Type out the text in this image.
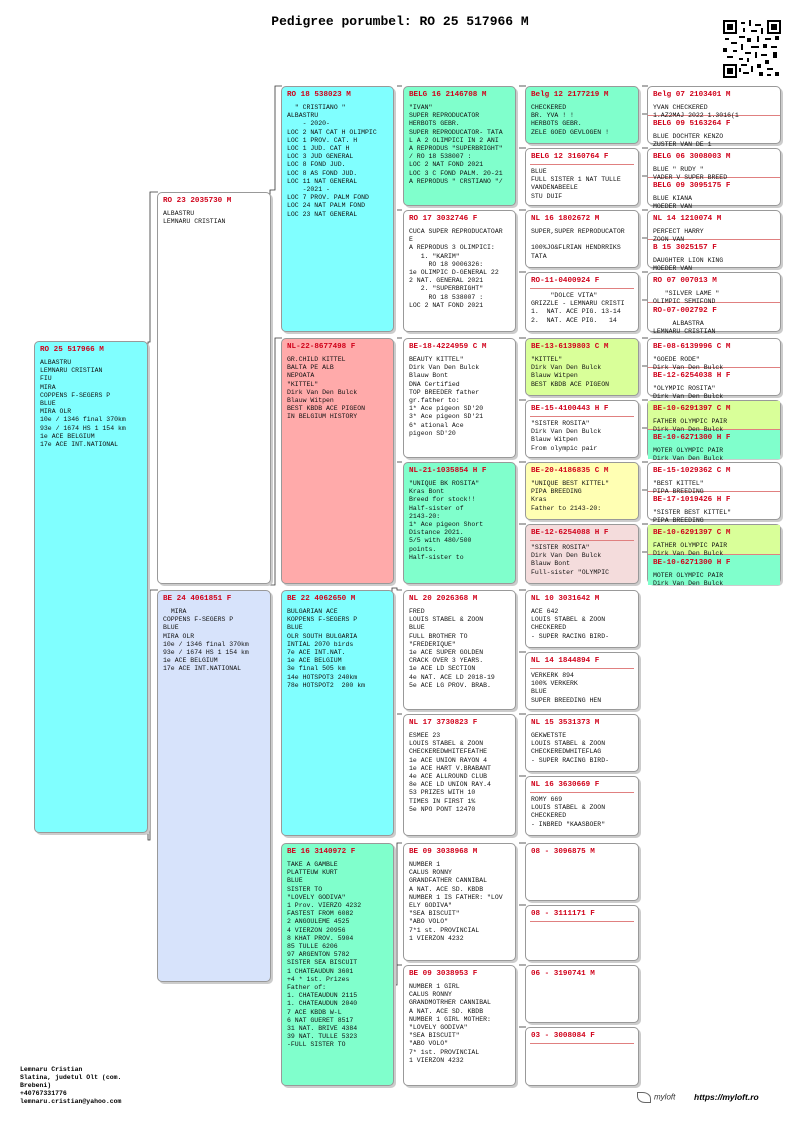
Pedigree porumbel: RO 25 517966 M
RO 25 517966 M
ALBASTRU
LEMNARU CRISTIAN
FIU
MIRA
COPPENS F-SEGERS P
BLUE
MIRA OLR
10e / 1346 final 370km
93e / 1674 HS 1 154 km
1e ACE BELGIUM
17e ACE INT.NATIONAL
RO 23 2035730 M
ALBASTRU
LEMNARU CRISTIAN
BE 24 4061851 F
MIRA
COPPENS F-SEGERS P
BLUE
MIRA OLR
10e / 1346 final 370km
93e / 1674 HS 1 154 km
1e ACE BELGIUM
17e ACE INT.NATIONAL
RO 18 538023 M
" CRISTIANO "
ALBASTRU
- 2020-
LOC 2 NAT CAT H OLIMPIC
LOC 1 PROV. CAT. H
LOC 1 JUD. CAT H
LOC 3 JUD GENERAL
LOC 8 FOND JUD.
LOC 8 AS FOND JUD.
LOC 11 NAT GENERAL
-2021 -
LOC 7 PROV. PALM FOND
LOC 24 NAT PALM FOND
LOC 23 NAT GENERAL
NL-22-8677498 F
GR.CHILD KITTEL
BALTA PE ALB
NEPOATA
"KITTEL"
Dirk Van Den Bulck
Blauw Witpen
BEST KBDB ACE PIGEON
IN BELGIUM HISTORY
BE 22 4062650 M
BULGARIAN ACE
KOPPENS F-SEGERS P
BLUE
OLR SOUTH BULGARIA
INTIAL 2070 birds
7e ACE INT.NAT.
1e ACE BELGIUM
3e final 505 km
14e HOTSPOT3 240km
78e HOTSPOT2  200 km
BE 16 3140972 F
TAKE A GAMBLE
PLATTEUW KURT
BLUE
SISTER TO
"LOVELY GODIVA"
1 Prov. VIERZO 4232
FASTEST FROM 6082
2 ANGOULEME 4525
4 VIERZON 20956
8 KHAT PROV. 5904
85 TULLE 6206
97 ARGENTON 5782
SISTER SEA BISCUIT
1 CHATEAUDUN 3601
+4 * 1st. Prizes
Father of:
1. CHATEAUDUN 2115
1. CHATEAUDUN 2040
7 ACE KBDB W-L
6 NAT GUERET 8517
31 NAT. BRIVE 4384
39 NAT. TULLE 5323
-FULL SISTER TO
BELG 16 2146708 M
"IVAN"
SUPER REPRODUCATOR
HERBOTS GEBR.
SUPER REPRODUCATOR- TATA
L A 2 OLIMPICI IN 2 ANI
A REPRODUS "SUPERBRIGHT"
/ RO 18 538007 :
LOC 2 NAT FOND 2021
LOC 3 C FOND PALM. 20-21
A REPRODUS " CRSTIANO "/
RO 17 3032746 F
CUCA SUPER REPRODUCATOAR
E
A REPRODUS 3 OLIMPICI:
1. "KARIM"
RO 18 9006326:
1e OLIMPIC D-GENERAL 22
2 NAT. GENERAL 2021
2. "SUPERBRIGHT"
RO 18 538007 :
LOC 2 NAT FOND 2021
BE-18-4224959 C M
BEAUTY KITTEL"
Dirk Van Den Bulck
Blauw Bont
DNA Certified
TOP BREEDER father
gr.father to:
1* Ace pigeon SD'20
3* Ace pigeon SD'21
6* ational Ace
pigeon SD'20
NL-21-1035854 H F
"UNIQUE BK ROSITA"
Kras Bont
Breed for stock!!
Half-sister of
2143-20:
1* Ace pigeon Short
Distance 2021.
5/5 with 480/500
points.
Half-sister to
NL 20 2026368 M
FRED
LOUIS STABEL & ZOON
BLUE
FULL BROTHER TO
"FREDERIQUE"
1e ACE SUPER GOLDEN
CRACK OVER 3 YEARS.
1e ACE LD SECTION
4e NAT. ACE LD 2018-19
5e ACE LG PROV. BRAB.
NL 17 3730823 F
ESMEE 23
LOUIS STABEL & ZOON
CHECKEREDWHITEFEATHE
1e ACE UNION RAYON 4
1e ACE HART V.BRABANT
4e ACE ALLROUND CLUB
8e ACE LD UNION RAY.4
53 PRIZES WITH 10
TIMES IN FIRST 1%
5e NPO PONT 12470
BE 09 3038968 M
NUMBER 1
CALUS RONNY
GRANDFATHER CANNIBAL
A NAT. ACE SD. KBDB
NUMBER 1 IS FATHER: "LOV
ELY GODIVA"
"SEA BISCUIT"
"ABO VOLO"
7*1 st. PROVINCIAL
1 VIERZON 4232
BE 09 3038953 F
NUMBER 1 GIRL
CALUS RONNY
GRANDMOTRHER CANNIBAL
A NAT. ACE SD. KBDB
NUMBER 1 GIRL MOTHER:
"LOVELY GODIVA"
"SEA BISCUIT"
"ABO VOLO"
7* 1st. PROVINCIAL
1 VIERZON 4232
Belg 12 2177219 M
CHECKERED
BR. YVA ! !
HERBOTS GEBR.
ZELE GOED GEVLOGEN !
BELG 12 3160764 F
BLUE
FULL SISTER 1 NAT TULLE
VANDENABEELE
STU DUIF
NL 16 1802672 M
SUPER,SUPER REPRODUCATOR

100%JO&FLRIAN HENDRRIKS
TATA
RO-11-0400924 F
"DOLCE VITA"
GRIZZLE - LEMNARU CRISTI
1.  NAT. ACE PIG. 13-14
2.  NAT. ACE PIG.   14
BE-13-6139803 C M
"KITTEL"
Dirk Van Den Bulck
Blauw Witpen
BEST KBDB ACE PIGEON
BE-15-4100443 H F
"SISTER ROSITA"
Dirk Van Den Bulck
Blauw Witpen
From olympic pair
BE-20-4186835 C M
"UNIQUE BEST KITTEL"
PIPA BREEDING
Kras
Father to 2143-20:
BE-12-6254088 H F
"SISTER ROSITA"
Dirk Van Den Bulck
Blauw Bont
Full-sister "OLYMPIC
NL 10 3031642 M
ACE 642
LOUIS STABEL & ZOON
CHECKERED
- SUPER RACING BIRD-
NL 14 1844894 F
VERKERK 894
100% VERKERK
BLUE
SUPER BREEDING HEN
NL 15 3531373 M
GEKWETSTE
LOUIS STABEL & ZOON
CHECKEREDWHITEFLAG
- SUPER RACING BIRD-
NL 16 3630669 F
ROMY 669
LOUIS STABEL & ZOON
CHECKERED
- INBRED "KAASBOER"
08 - 3096875 M
08 - 3111171 F
06 - 3190741 M
03 - 3008084 F
Belg 07 2103401 M
YVAN CHECKERED
1.AZ2MAJ 2022 1.3016(1
BELG 09 5163264 F
BLUE DOCHTER KENZO
ZUSTER VAN DE 1
BELG 06 3008003 M
BLUE " RUDY "
VADER V SUPER BREED
BELG 09 3095175 F
BLUE KIANA
MOEDER VAN
NL 14 1210074 M
PERFECT HARRY
ZOON VAN
B 15 3025157 F
DAUGHTER LION KING
MOEDER VAN
RO 07 007013 M
"SILVER LAME "
OLIMPIC SEMIFOND
RO-07-002792 F
ALBASTRA
LEMNARU CRISTIAN
BE-08-6139996 C M
"GOEDE RODE"
Dirk Van Den Bulck
BE-12-6254038 H F
"OLYMPIC ROSITA"
Dirk Van Den Bulck
BE-10-6291397 C M
FATHER OLYMPIC PAIR
Dirk Van Den Bulck
BE-10-6271300 H F
MOTER OLYMPIC PAIR
Dirk Van Den Bulck
BE-15-1029362 C M
"BEST KITTEL"
PIPA BREEDING
BE-17-1019426 H F
"SISTER BEST KITTEL"
PIPA BREEDING
BE-10-6291397 C M
FATHER OLYMPIC PAIR
Dirk Van Den Bulck
BE-10-6271300 H F
MOTER OLYMPIC PAIR
Dirk Van Den Bulck
Lemnaru Cristian
Slatina, judetul Olt (com.
Brebeni)
+40767331776
lemnaru.cristian@yahoo.com	myloft https://myloft.ro
